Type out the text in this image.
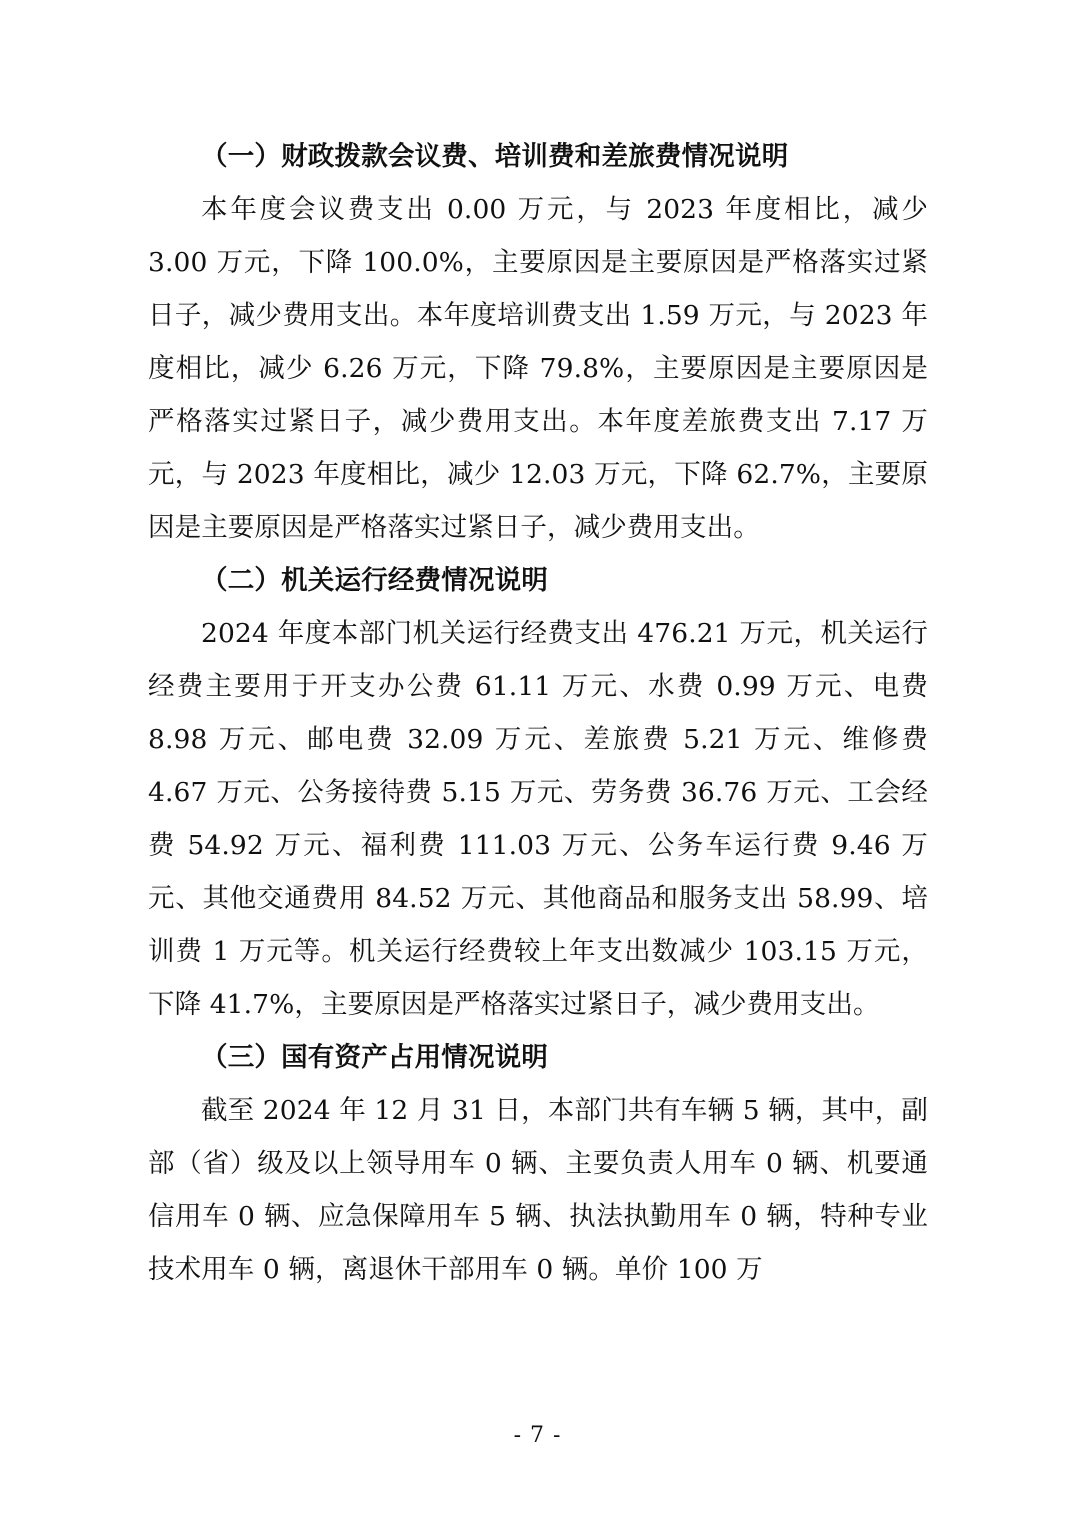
（一）财政拨款会议费、培训费和差旅费情况说明

本年度会议费支出 0.00 万元，与 2023 年度相比，减少 3.00 万元，下降 100.0%，主要原因是主要原因是严格落实过紧日子，减少费用支出。本年度培训费支出 1.59 万元，与 2023 年度相比，减少 6.26 万元，下降 79.8%，主要原因是主要原因是严格落实过紧日子，减少费用支出。本年度差旅费支出 7.17 万元，与 2023 年度相比，减少 12.03 万元，下降 62.7%，主要原因是主要原因是严格落实过紧日子，减少费用支出。

（二）机关运行经费情况说明

2024 年度本部门机关运行经费支出 476.21 万元，机关运行经费主要用于开支办公费 61.11 万元、水费 0.99 万元、电费 8.98 万元、邮电费 32.09 万元、差旅费 5.21 万元、维修费 4.67 万元、公务接待费 5.15 万元、劳务费 36.76 万元、工会经费 54.92 万元、福利费 111.03 万元、公务车运行费 9.46 万元、其他交通费用 84.52 万元、其他商品和服务支出 58.99、培训费 1 万元等。机关运行经费较上年支出数减少 103.15 万元，下降 41.7%，主要原因是严格落实过紧日子，减少费用支出。

（三）国有资产占用情况说明

截至 2024 年 12 月 31 日，本部门共有车辆 5 辆，其中，副部（省）级及以上领导用车 0 辆、主要负责人用车 0 辆、机要通信用车 0 辆、应急保障用车 5 辆、执法执勤用车 0 辆，特种专业技术用车 0 辆，离退休干部用车 0 辆。单价 100 万

- 7 -
